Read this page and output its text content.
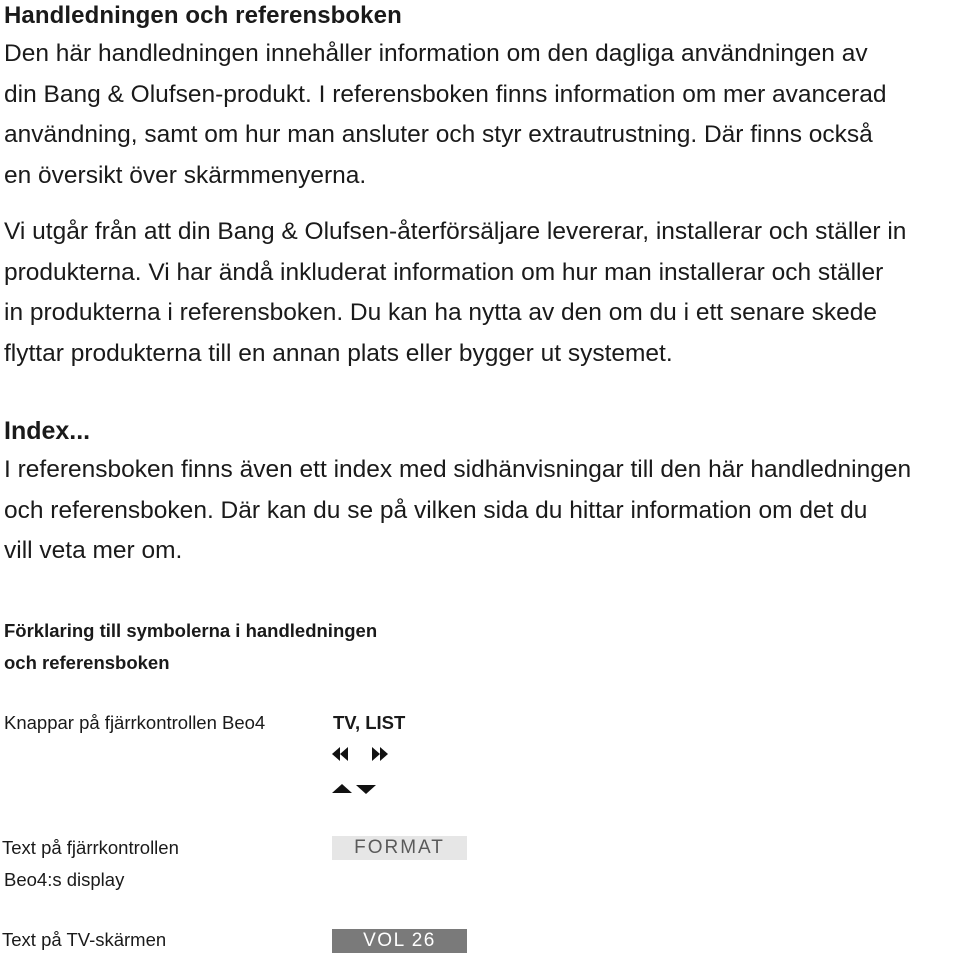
Handledningen och referensboken
Den här handledningen innehåller information om den dagliga användningen av
din Bang & Olufsen-produkt. I referensboken finns information om mer avancerad
användning, samt om hur man ansluter och styr extrautrustning. Där finns också
en översikt över skärmmenyerna.
Vi utgår från att din Bang & Olufsen-återförsäljare levererar, installerar och ställer in
produkterna. Vi har ändå inkluderat information om hur man installerar och ställer
in produkterna i referensboken. Du kan ha nytta av den om du i ett senare skede
flyttar produkterna till en annan plats eller bygger ut systemet.
Index...
I referensboken finns även ett index med sidhänvisningar till den här handledningen
och referensboken. Där kan du se på vilken sida du hittar information om det du
vill veta mer om.
Förklaring till symbolerna i handledningen
och referensboken
Knappar på fjärrkontrollen Beo4	TV, LIST
Text på fjärrkontrollen
Beo4:s display
FORMAT
Text på TV-skärmen	VOL 26
